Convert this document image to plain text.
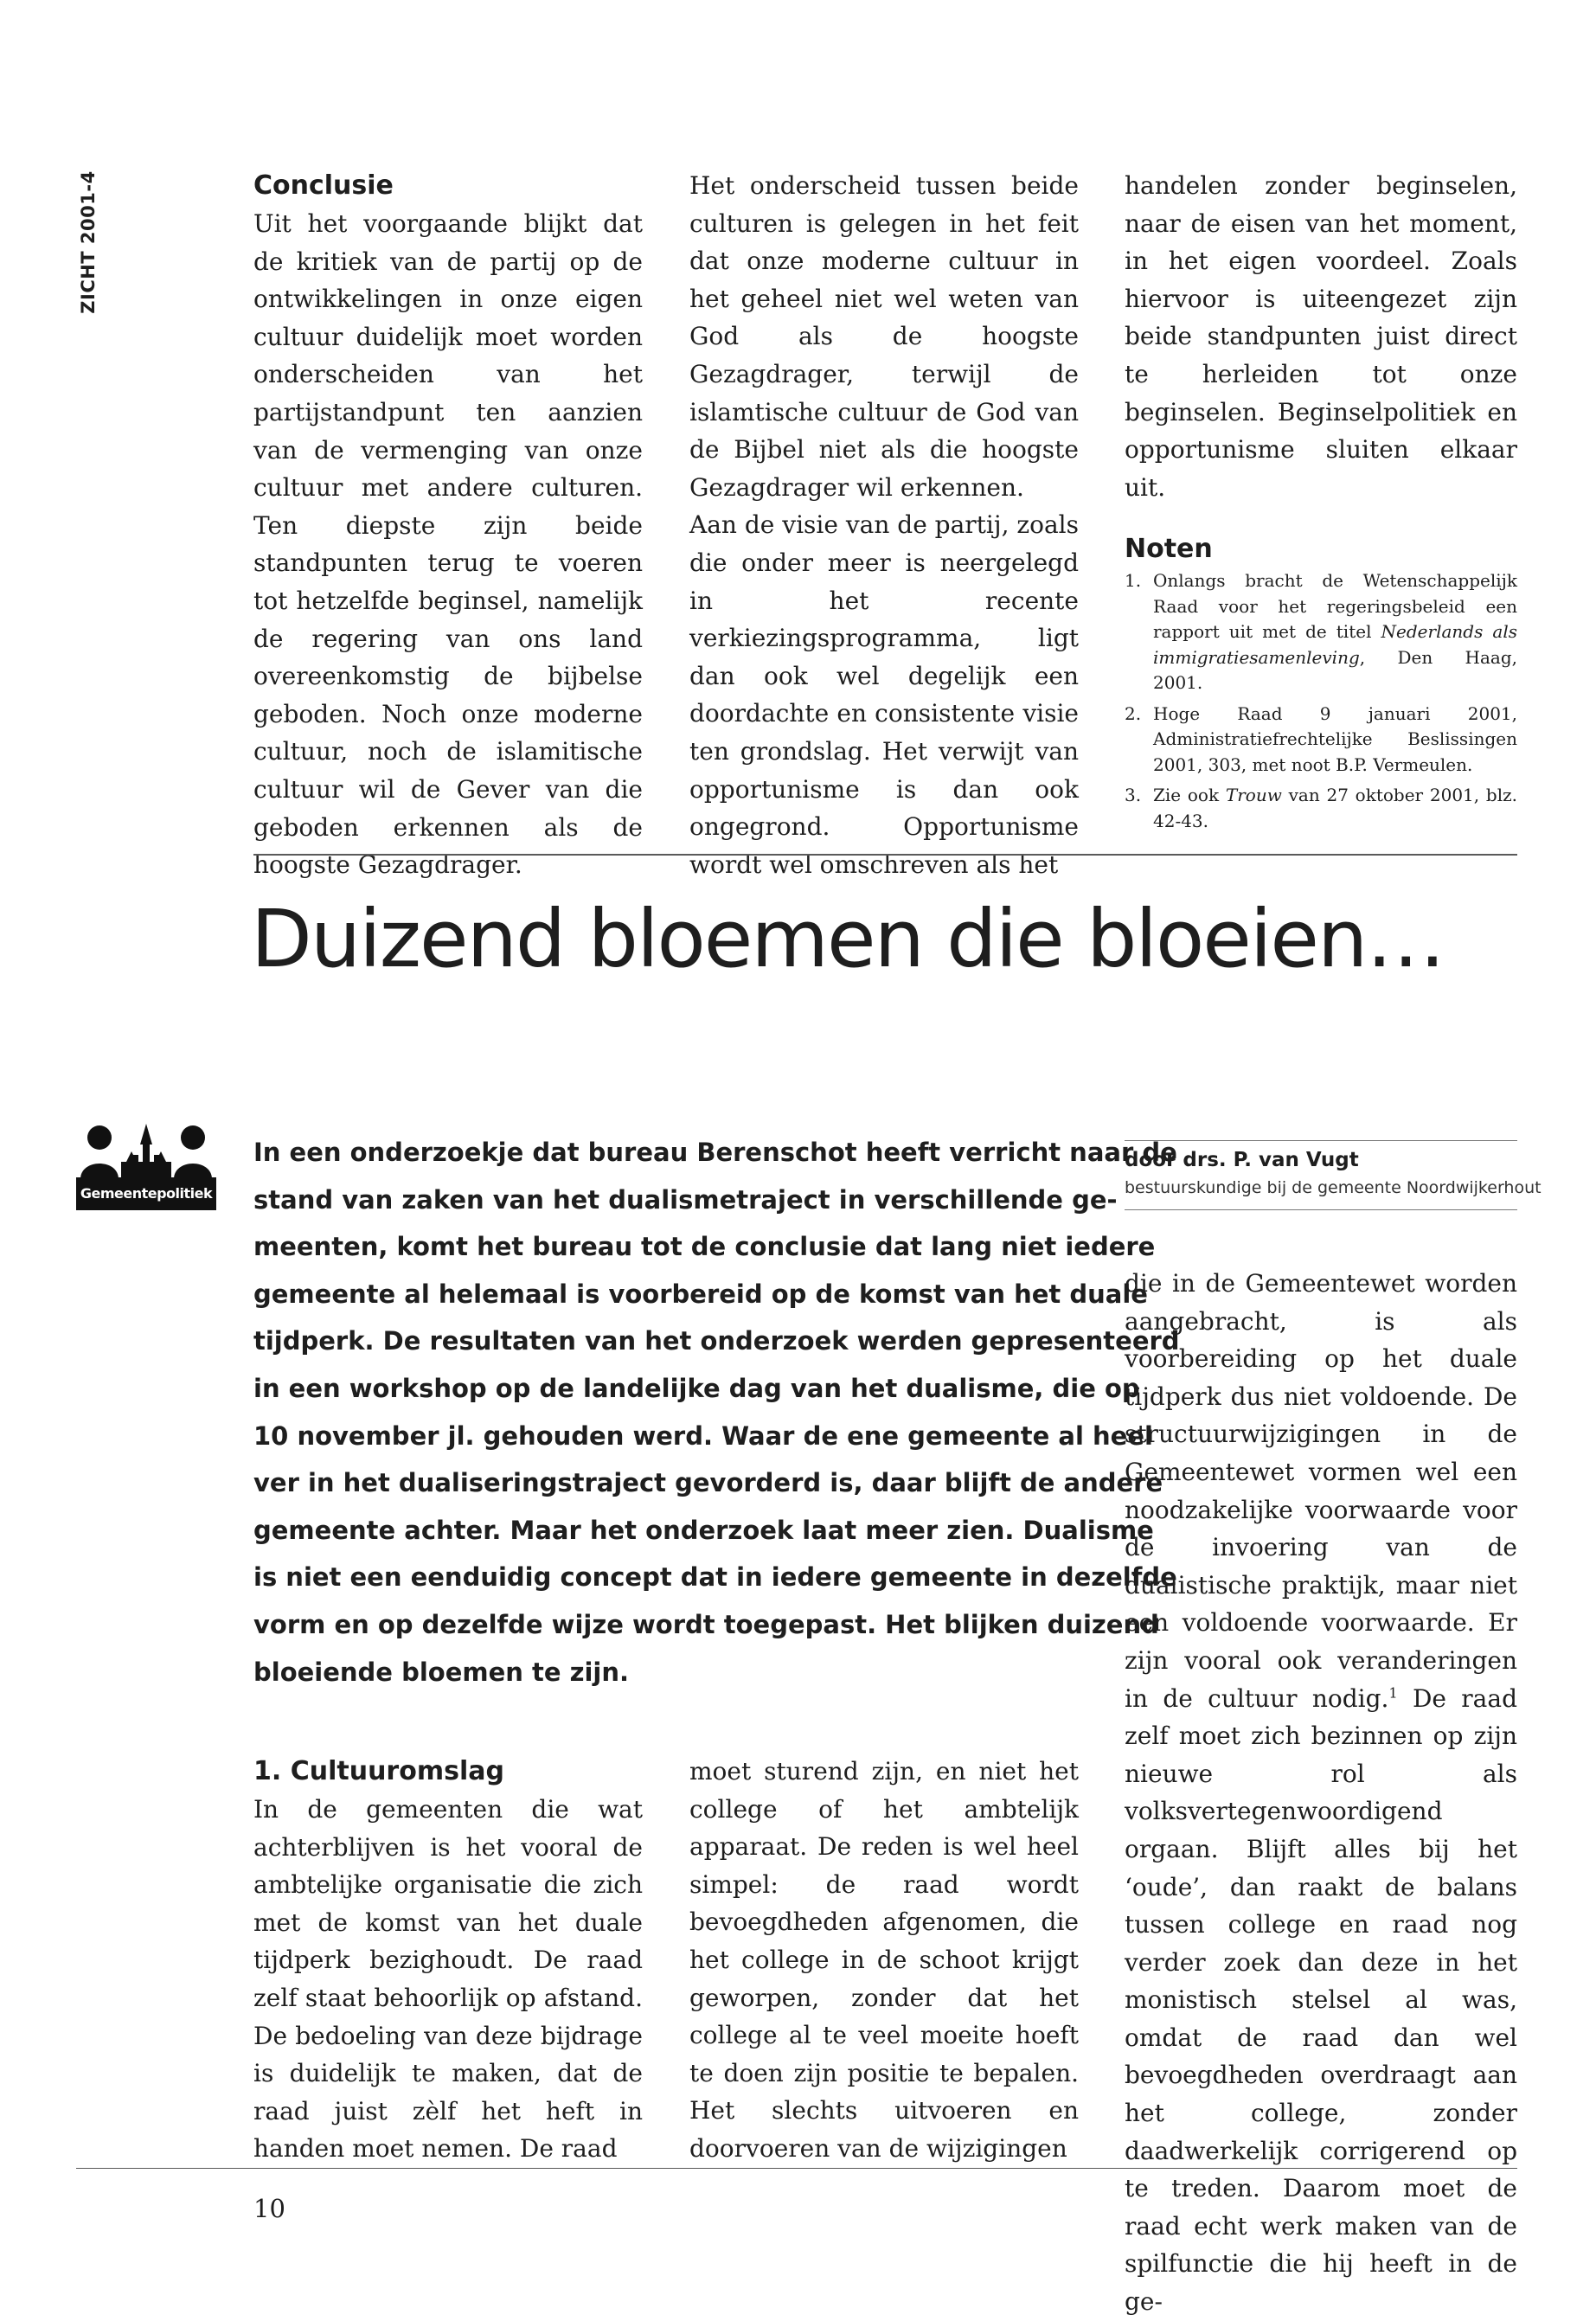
ZICHT 2001-4	Conclusie

Uit het voorgaande blijkt dat de kritiek van de partij op de ontwikkelingen in onze eigen cultuur duidelijk moet worden onderscheiden van het partijstandpunt ten aanzien van de vermenging van onze cultuur met andere culturen. Ten diepste zijn beide standpunten terug te voeren tot hetzelfde beginsel, namelijk de regering van ons land overeenkomstig de bijbelse geboden. Noch onze moderne cultuur, noch de islamitische cultuur wil de Gever van die geboden erkennen als de hoogste Gezagdrager.

Het onderscheid tussen beide culturen is gelegen in het feit dat onze moderne cultuur in het geheel niet wel weten van God als de hoogste Gezagdrager, terwijl de islamtische cultuur de God van de Bijbel niet als die hoogste Gezagdrager wil erkennen.

Aan de visie van de partij, zoals die onder meer is neergelegd in het recente verkiezingsprogramma, ligt dan ook wel degelijk een doordachte en consistente visie ten grondslag. Het verwijt van opportunisme is dan ook ongegrond. Opportunisme wordt wel omschreven als het

handelen zonder beginselen, naar de eisen van het moment, in het eigen voordeel. Zoals hiervoor is uiteengezet zijn beide standpunten juist direct te herleiden tot onze beginselen. Beginselpolitiek en opportunisme sluiten elkaar uit.

Noten

1. Onlangs bracht de Wetenschappelijk Raad voor het regeringsbeleid een rapport uit met de titel Nederlands als immigratiesamenleving, Den Haag, 2001.
2. Hoge Raad 9 januari 2001, Administratiefrechtelijke Beslissingen 2001, 303, met noot B.P. Vermeulen.
3. Zie ook Trouw van 27 oktober 2001, blz. 42-43.
Duizend bloemen die bloeien…
Gemeentepolitiek
In een onderzoekje dat bureau Berenschot heeft verricht naar de
stand van zaken van het dualismetraject in verschillende ge-
meenten, komt het bureau tot de conclusie dat lang niet iedere
gemeente al helemaal is voorbereid op de komst van het duale
tijdperk. De resultaten van het onderzoek werden gepresenteerd
in een workshop op de landelijke dag van het dualisme, die op
10 november jl. gehouden werd. Waar de ene gemeente al heel
ver in het dualiseringstraject gevorderd is, daar blijft de andere
gemeente achter. Maar het onderzoek laat meer zien. Dualisme
is niet een eenduidig concept dat in iedere gemeente in dezelfde
vorm en op dezelfde wijze wordt toegepast. Het blijken duizend
bloeiende bloemen te zijn.
door drs. P. van Vugt
bestuurskundige bij de gemeente Noordwijkerhout

1. Cultuuromslag

In de gemeenten die wat achterblijven is het vooral de ambtelijke organisatie die zich met de komst van het duale tijdperk bezighoudt. De raad zelf staat behoorlijk op afstand. De bedoeling van deze bijdrage is duidelijk te maken, dat de raad juist zèlf het heft in handen moet nemen. De raad

moet sturend zijn, en niet het college of het ambtelijk apparaat. De reden is wel heel simpel: de raad wordt bevoegdheden afgenomen, die het college in de schoot krijgt geworpen, zonder dat het college al te veel moeite hoeft te doen zijn positie te bepalen. Het slechts uitvoeren en doorvoeren van de wijzigingen

die in de Gemeentewet worden aangebracht, is als voorbereiding op het duale tijdperk dus niet voldoende. De structuurwijzigingen in de Gemeentewet vormen wel een noodzakelijke voorwaarde voor de invoering van de dualistische praktijk, maar niet een voldoende voorwaarde. Er zijn vooral ook veranderingen in de cultuur nodig.$^1$ De raad zelf moet zich bezinnen op zijn nieuwe rol als volksvertegenwoordigend orgaan. Blijft alles bij het ‘oude’, dan raakt de balans tussen college en raad nog verder zoek dan deze in het monistisch stelsel al was, omdat de raad dan wel bevoegdheden overdraagt aan het college, zonder daadwerkelijk corrigerend op te treden. Daarom moet de raad echt werk maken van de spilfunctie die hij heeft in de ge-

10
